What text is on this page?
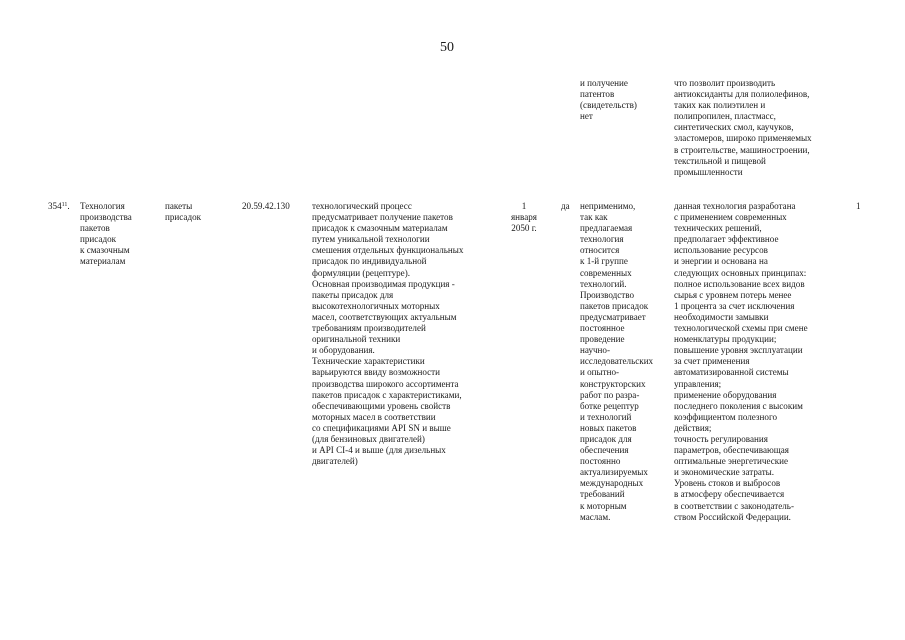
50
и получение
патентов
(свидетельств)
нет
что позволит производить
антиоксиданты для полиолефинов,
таких как полиэтилен и
полипропилен, пластмасс,
синтетических смол, каучуков,
эластомеров, широко применяемых
в строительстве, машиностроении,
текстильной и пищевой
промышленности
$354^{11}$. Технология
производства
пакетов
присадок
к смазочным
материалам
пакеты
присадок
20.59.42.130 технологический процесс
предусматривает получение пакетов
присадок к смазочным материалам
путем уникальной технологии
смешения отдельных функциональных
присадок по индивидуальной
формуляции (рецептуре).
Основная производимая продукция -
пакеты присадок для
высокотехнологичных моторных
масел, соответствующих актуальным
требованиям производителей
оригинальной техники
и оборудования.
Технические характеристики
варьируются ввиду возможности
производства широкого ассортимента
пакетов присадок с характеристиками,
обеспечивающими уровень свойств
моторных масел в соответствии
со спецификациями API SN и выше
(для бензиновых двигателей)
и API CI-4 и выше (для дизельных
двигателей)
1
января
2050 г.
да неприменимо,
так как
предлагаемая
технология
относится
к 1-й группе
современных
технологий.
Производство
пакетов присадок
предусматривает
постоянное
проведение
научно-
исследовательских
и опытно-
конструкторских
работ по разра-
ботке рецептур
и технологий
новых пакетов
присадок для
обеспечения
постоянно
актуализируемых
международных
требований
к моторным
маслам.
данная технология разработана
с применением современных
технических решений,
предполагает эффективное
использование ресурсов
и энергии и основана на
следующих основных принципах:
полное использование всех видов
сырья с уровнем потерь менее
1 процента за счет исключения
необходимости замывки
технологической схемы при смене
номенклатуры продукции;
повышение уровня эксплуатации
за счет применения
автоматизированной системы
управления;
применение оборудования
последнего поколения с высоким
коэффициентом полезного
действия;
точность регулирования
параметров, обеспечивающая
оптимальные энергетические
и экономические затраты.
Уровень стоков и выбросов
в атмосферу обеспечивается
в соответствии с законодатель-
ством Российской Федерации.
1
